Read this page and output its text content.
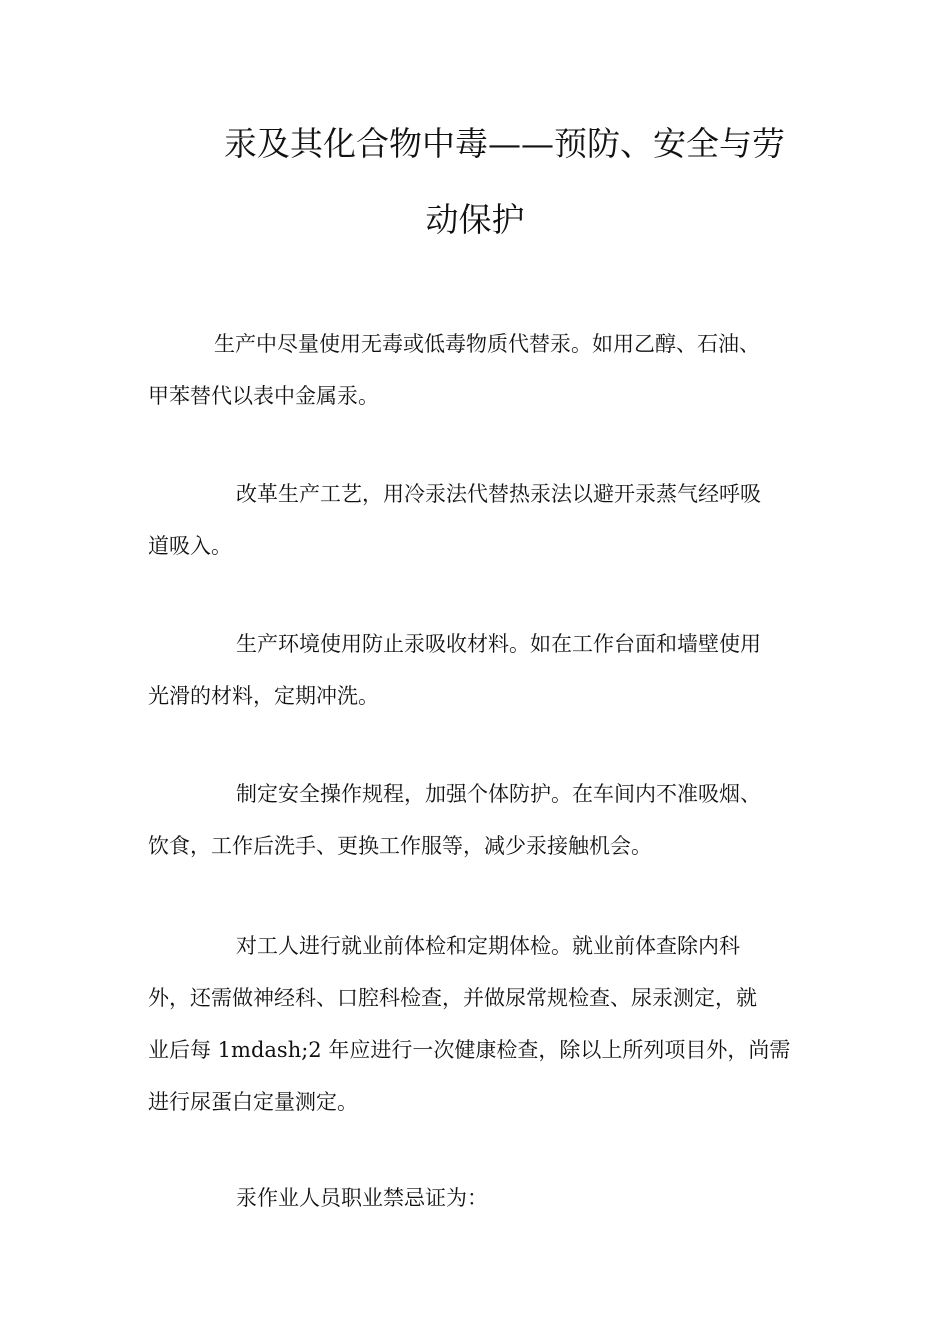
汞及其化合物中毒——预防、安全与劳
动保护
生产中尽量使用无毒或低毒物质代替汞。如用乙醇、石油、
甲苯替代以表中金属汞。
改革生产工艺，用冷汞法代替热汞法以避开汞蒸气经呼吸
道吸入。
生产环境使用防止汞吸收材料。如在工作台面和墙壁使用
光滑的材料，定期冲洗。
制定安全操作规程，加强个体防护。在车间内不准吸烟、
饮食，工作后洗手、更换工作服等，减少汞接触机会。
对工人进行就业前体检和定期体检。就业前体查除内科
外，还需做神经科、口腔科检查，并做尿常规检查、尿汞测定，就
业后每 1mdash;2 年应进行一次健康检查，除以上所列项目外，尚需
进行尿蛋白定量测定。
汞作业人员职业禁忌证为：
